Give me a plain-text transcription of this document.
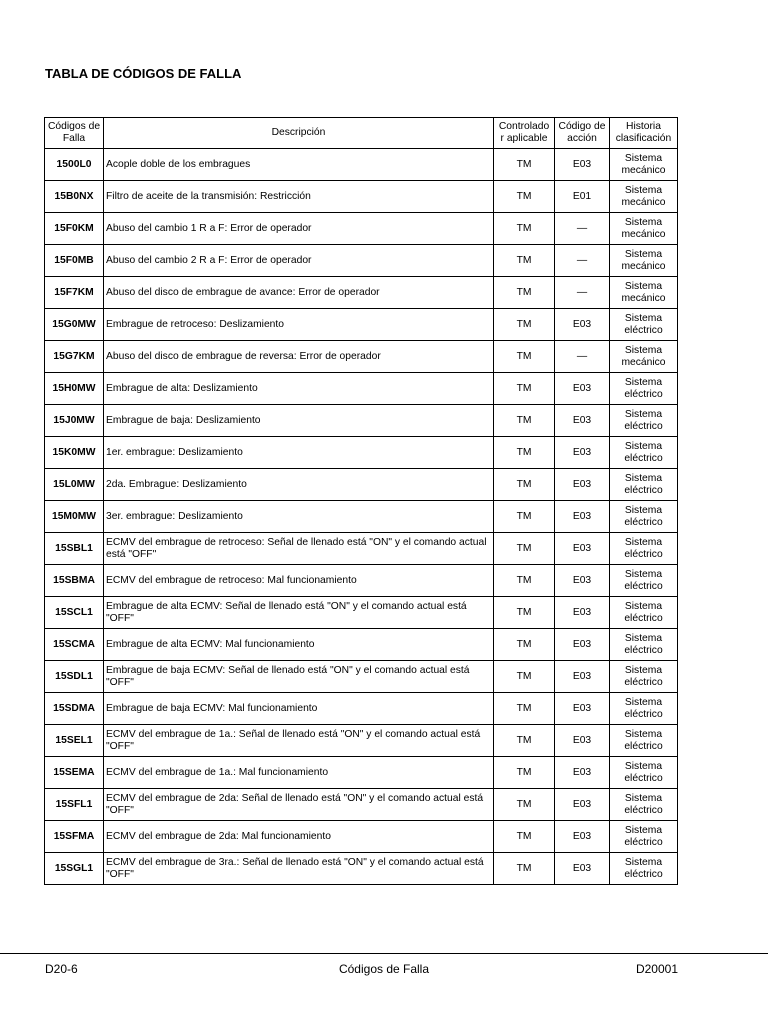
TABLA DE CÓDIGOS DE FALLA
Códigos de Falla	Descripción	Controlado r aplicable	Código de acción	Historia clasificación
1500L0	Acople doble de los embragues	TM	E03	Sistema mecánico
15B0NX	Filtro de aceite de la transmisión: Restricción	TM	E01	Sistema mecánico
15F0KM	Abuso del cambio 1 R a F: Error de operador	TM	—	Sistema mecánico
15F0MB	Abuso del cambio 2 R a F: Error de operador	TM	—	Sistema mecánico
15F7KM	Abuso del disco de embrague de avance: Error de operador	TM	—	Sistema mecánico
15G0MW	Embrague de retroceso: Deslizamiento	TM	E03	Sistema eléctrico
15G7KM	Abuso del disco de embrague de reversa: Error de operador	TM	—	Sistema mecánico
15H0MW	Embrague de alta: Deslizamiento	TM	E03	Sistema eléctrico
15J0MW	Embrague de baja: Deslizamiento	TM	E03	Sistema eléctrico
15K0MW	1er. embrague: Deslizamiento	TM	E03	Sistema eléctrico
15L0MW	2da. Embrague: Deslizamiento	TM	E03	Sistema eléctrico
15M0MW	3er. embrague: Deslizamiento	TM	E03	Sistema eléctrico
15SBL1	ECMV del embrague de retroceso: Señal de llenado está "ON" y el comando actual está "OFF"	TM	E03	Sistema eléctrico
15SBMA	ECMV del embrague de retroceso: Mal funcionamiento	TM	E03	Sistema eléctrico
15SCL1	Embrague de alta ECMV: Señal de llenado está "ON" y el comando actual está "OFF"	TM	E03	Sistema eléctrico
15SCMA	Embrague de alta ECMV: Mal funcionamiento	TM	E03	Sistema eléctrico
15SDL1	Embrague de baja ECMV: Señal de llenado está "ON" y el comando actual está "OFF"	TM	E03	Sistema eléctrico
15SDMA	Embrague de baja ECMV: Mal funcionamiento	TM	E03	Sistema eléctrico
15SEL1	ECMV del embrague de 1a.: Señal de llenado está "ON" y el comando actual está "OFF"	TM	E03	Sistema eléctrico
15SEMA	ECMV del embrague de 1a.: Mal funcionamiento	TM	E03	Sistema eléctrico
15SFL1	ECMV del embrague de 2da: Señal de llenado está "ON" y el comando actual está "OFF"	TM	E03	Sistema eléctrico
15SFMA	ECMV del embrague de 2da: Mal funcionamiento	TM	E03	Sistema eléctrico
15SGL1	ECMV del embrague de 3ra.: Señal de llenado está "ON" y el comando actual está "OFF"	TM	E03	Sistema eléctrico
D20-6	Códigos de Falla	D20001
